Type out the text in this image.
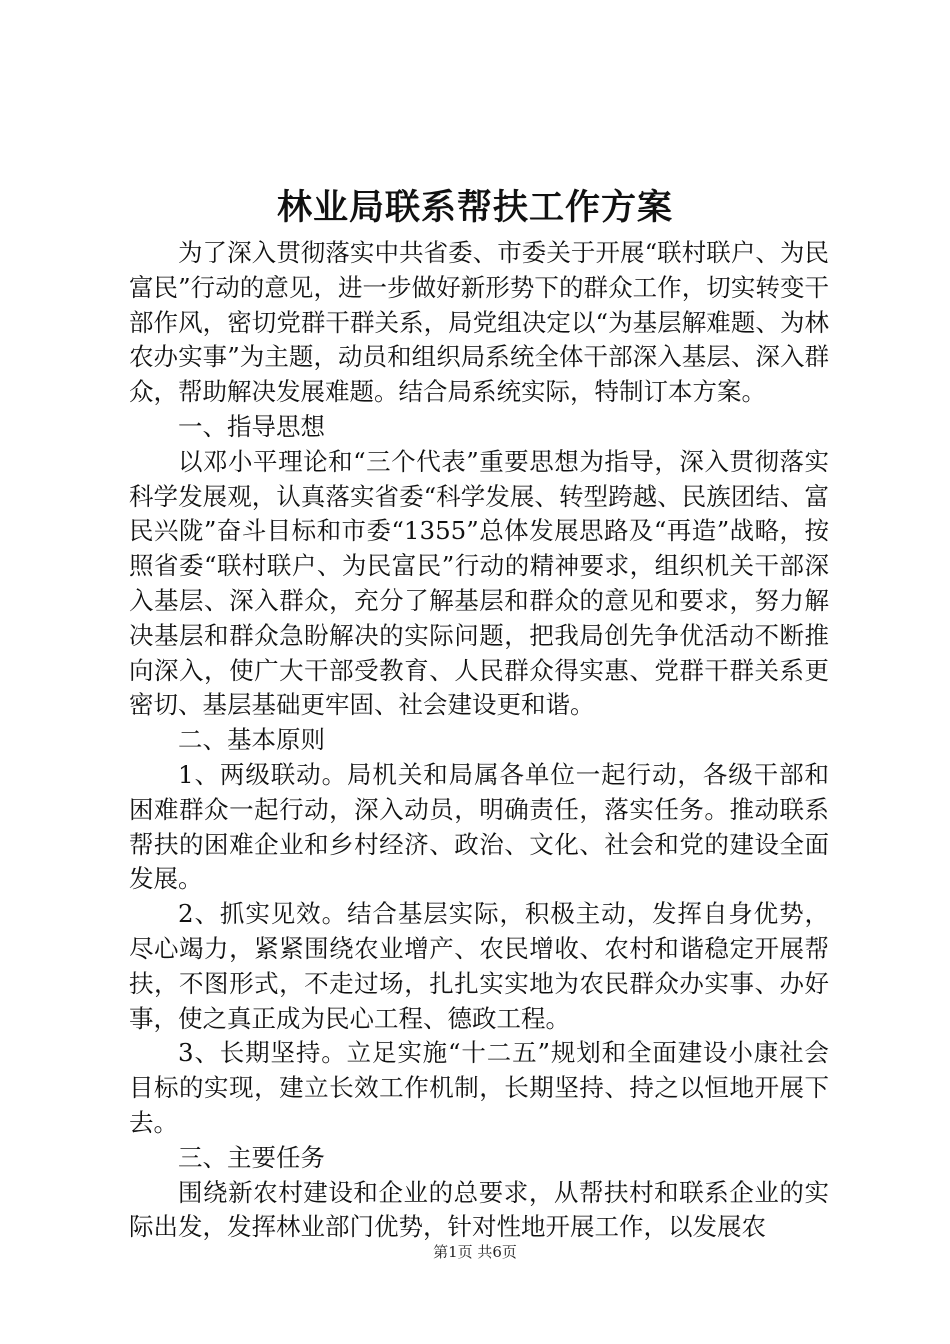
林业局联系帮扶工作方案

为了深入贯彻落实中共省委、市委关于开展“联村联户、为民富民”行动的意见，进一步做好新形势下的群众工作，切实转变干部作风，密切党群干群关系，局党组决定以“为基层解难题、为林农办实事”为主题，动员和组织局系统全体干部深入基层、深入群众，帮助解决发展难题。结合局系统实际，特制订本方案。

一、指导思想

以邓小平理论和“三个代表”重要思想为指导，深入贯彻落实科学发展观，认真落实省委“科学发展、转型跨越、民族团结、富民兴陇”奋斗目标和市委“1355”总体发展思路及“再造”战略，按照省委“联村联户、为民富民”行动的精神要求，组织机关干部深入基层、深入群众，充分了解基层和群众的意见和要求，努力解决基层和群众急盼解决的实际问题，把我局创先争优活动不断推向深入，使广大干部受教育、人民群众得实惠、党群干群关系更密切、基层基础更牢固、社会建设更和谐。

二、基本原则

1、两级联动。局机关和局属各单位一起行动，各级干部和困难群众一起行动，深入动员，明确责任，落实任务。推动联系帮扶的困难企业和乡村经济、政治、文化、社会和党的建设全面发展。

2、抓实见效。结合基层实际，积极主动，发挥自身优势，尽心竭力，紧紧围绕农业增产、农民增收、农村和谐稳定开展帮扶，不图形式，不走过场，扎扎实实地为农民群众办实事、办好事，使之真正成为民心工程、德政工程。

3、长期坚持。立足实施“十二五”规划和全面建设小康社会目标的实现，建立长效工作机制，长期坚持、持之以恒地开展下去。

三、主要任务

围绕新农村建设和企业的总要求，从帮扶村和联系企业的实际出发，发挥林业部门优势，针对性地开展工作，以发展农

第1页 共6页
